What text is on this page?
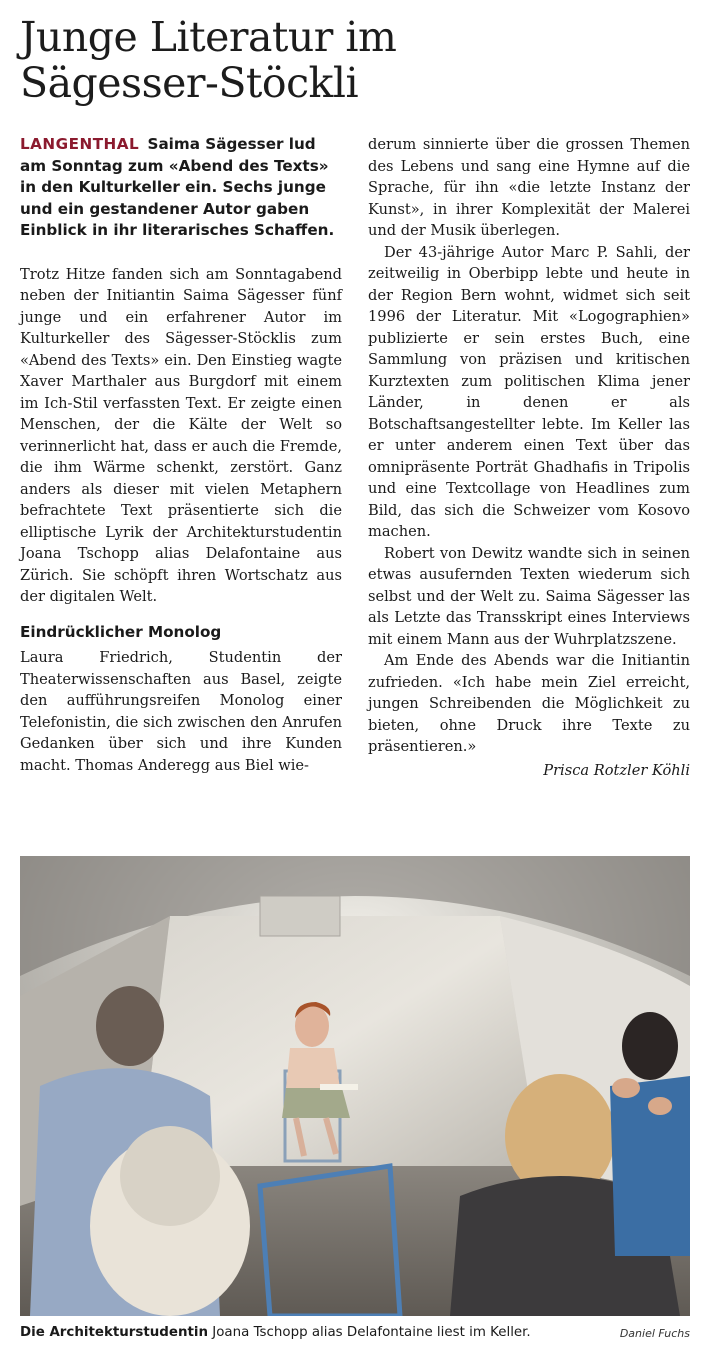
Junge Literatur im
Sägesser-Stöckli

LANGENTHAL Saima Sägesser lud am Sonntag zum «Abend des Texts» in den Kulturkeller ein. Sechs junge und ein gestandener Autor gaben Einblick in ihr literarisches Schaffen.

Trotz Hitze fanden sich am Sonntagabend neben der Initiantin Saima Sägesser fünf junge und ein erfahrener Autor im Kulturkeller des Sägesser-Stöcklis zum «Abend des Texts» ein. Den Einstieg wagte Xaver Marthaler aus Burgdorf mit einem im Ich-Stil verfassten Text. Er zeigte einen Menschen, der die Kälte der Welt so verinnerlicht hat, dass er auch die Fremde, die ihm Wärme schenkt, zerstört. Ganz anders als dieser mit vielen Metaphern befrachtete Text präsentierte sich die elliptische Lyrik der Architekturstudentin Joana Tschopp alias Delafontaine aus Zürich. Sie schöpft ihren Wortschatz aus der digitalen Welt.

Eindrücklicher Monolog

Laura Friedrich, Studentin der Theaterwissenschaften aus Basel, zeigte den aufführungsreifen Monolog einer Telefonistin, die sich zwischen den Anrufen Gedanken über sich und ihre Kunden macht. Thomas Anderegg aus Biel wie-

derum sinnierte über die grossen Themen des Lebens und sang eine Hymne auf die Sprache, für ihn «die letzte Instanz der Kunst», in ihrer Komplexität der Malerei und der Musik überlegen.

Der 43-jährige Autor Marc P. Sahli, der zeitweilig in Oberbipp lebte und heute in der Region Bern wohnt, widmet sich seit 1996 der Literatur. Mit «Logographien» publizierte er sein erstes Buch, eine Sammlung von präzisen und kritischen Kurztexten zum politischen Klima jener Länder, in denen er als Botschaftsangestellter lebte. Im Keller las er unter anderem einen Text über das omnipräsente Porträt Ghadhafis in Tripolis und eine Textcollage von Headlines zum Bild, das sich die Schweizer vom Kosovo machen.

Robert von Dewitz wandte sich in seinen etwas ausufernden Texten wiederum sich selbst und der Welt zu. Saima Sägesser las als Letzte das Transskript eines Interviews mit einem Mann aus der Wuhrplatzszene.

Am Ende des Abends war die Initiantin zufrieden. «Ich habe mein Ziel erreicht, jungen Schreibenden die Möglichkeit zu bieten, ohne Druck ihre Texte zu präsentieren.»

Prisca Rotzler Köhli
Die Architekturstudentin Joana Tschopp alias Delafontaine liest im Keller.	Daniel Fuchs
